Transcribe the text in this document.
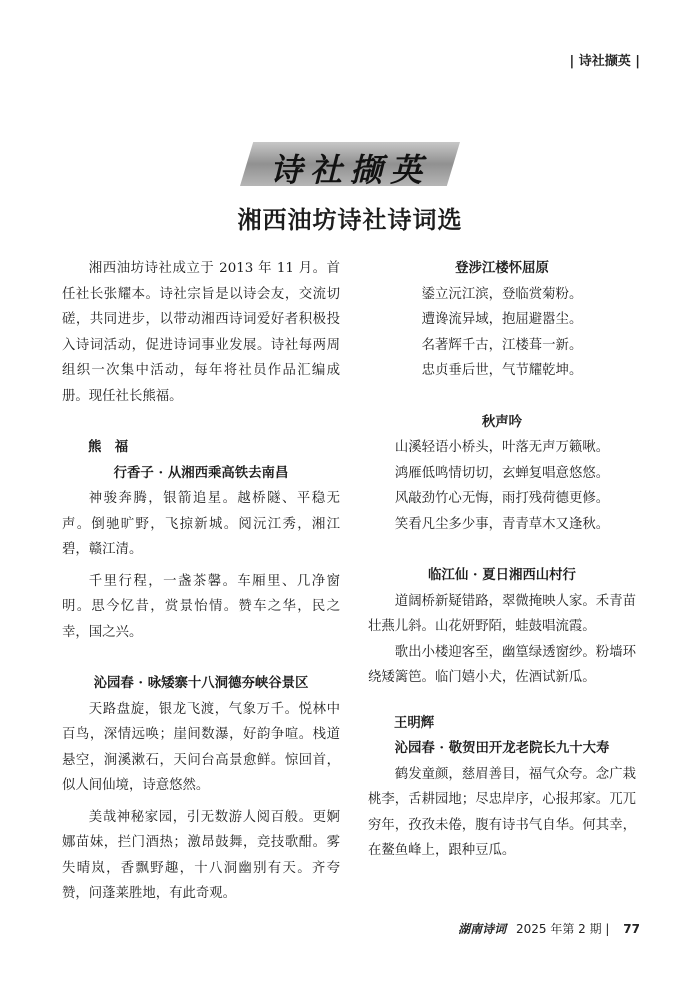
| 诗社撷英 |
诗社撷英
湘西油坊诗社诗词选

湘西油坊诗社成立于 2013 年 11 月。首任社长张耀本。诗社宗旨是以诗会友，交流切磋，共同进步，以带动湘西诗词爱好者积极投入诗词活动，促进诗词事业发展。诗社每两周组织一次集中活动，每年将社员作品汇编成册。现任社长熊福。

熊　福

行香子 · 从湘西乘高铁去南昌

神骏奔腾，银箭追星。越桥隧、平稳无声。倒驰旷野，飞掠新城。阅沅江秀，湘江碧，赣江清。

千里行程，一盏茶馨。车厢里、几净窗明。思今忆昔，赏景怡情。赞车之华，民之幸，国之兴。

沁园春 · 咏矮寨十八洞德夯峡谷景区

天路盘旋，银龙飞渡，气象万千。悦林中百鸟，深情远唤；崖间数瀑，好韵争喧。栈道悬空，涧溪漱石，天问台高景愈鲜。惊回首，似人间仙境，诗意悠然。

美哉神秘家园，引无数游人阅百般。更婀娜苗妹，拦门酒热；激昂鼓舞，竞技歌酣。雾失晴岚，香飘野趣，十八洞幽别有天。齐夸赞，问蓬莱胜地，有此奇观。

登涉江楼怀屈原

鋈立沅江滨，登临赏菊粉。

遭谗流异域，抱屈避嚣尘。

名著辉千古，江楼葺一新。

忠贞垂后世，气节耀乾坤。

秋声吟

山溪轻语小桥头，叶落无声万籁啾。

鸿雁低鸣情切切，玄蝉复唱意悠悠。

风敲劲竹心无悔，雨打残荷德更修。

笑看凡尘多少事，青青草木又逢秋。

临江仙 · 夏日湘西山村行

道阔桥新疑错路，翠微掩映人家。禾青苗壮燕儿斜。山花妍野陌，蛙鼓唱流霞。

歌出小楼迎客至，幽篁绿透窗纱。粉墙环绕矮篱笆。临门嬉小犬，佐酒试新瓜。

王明辉

沁园春 · 敬贺田开龙老院长九十大寿

鹤发童颜，慈眉善目，福气众夸。念广栽桃李，舌耕园地；尽忠岸序，心报邦家。兀兀穷年，孜孜未倦，腹有诗书气自华。何其幸，在鳌鱼峰上，跟种豆瓜。

湖南诗词 2025 年第 2 期 | 77
